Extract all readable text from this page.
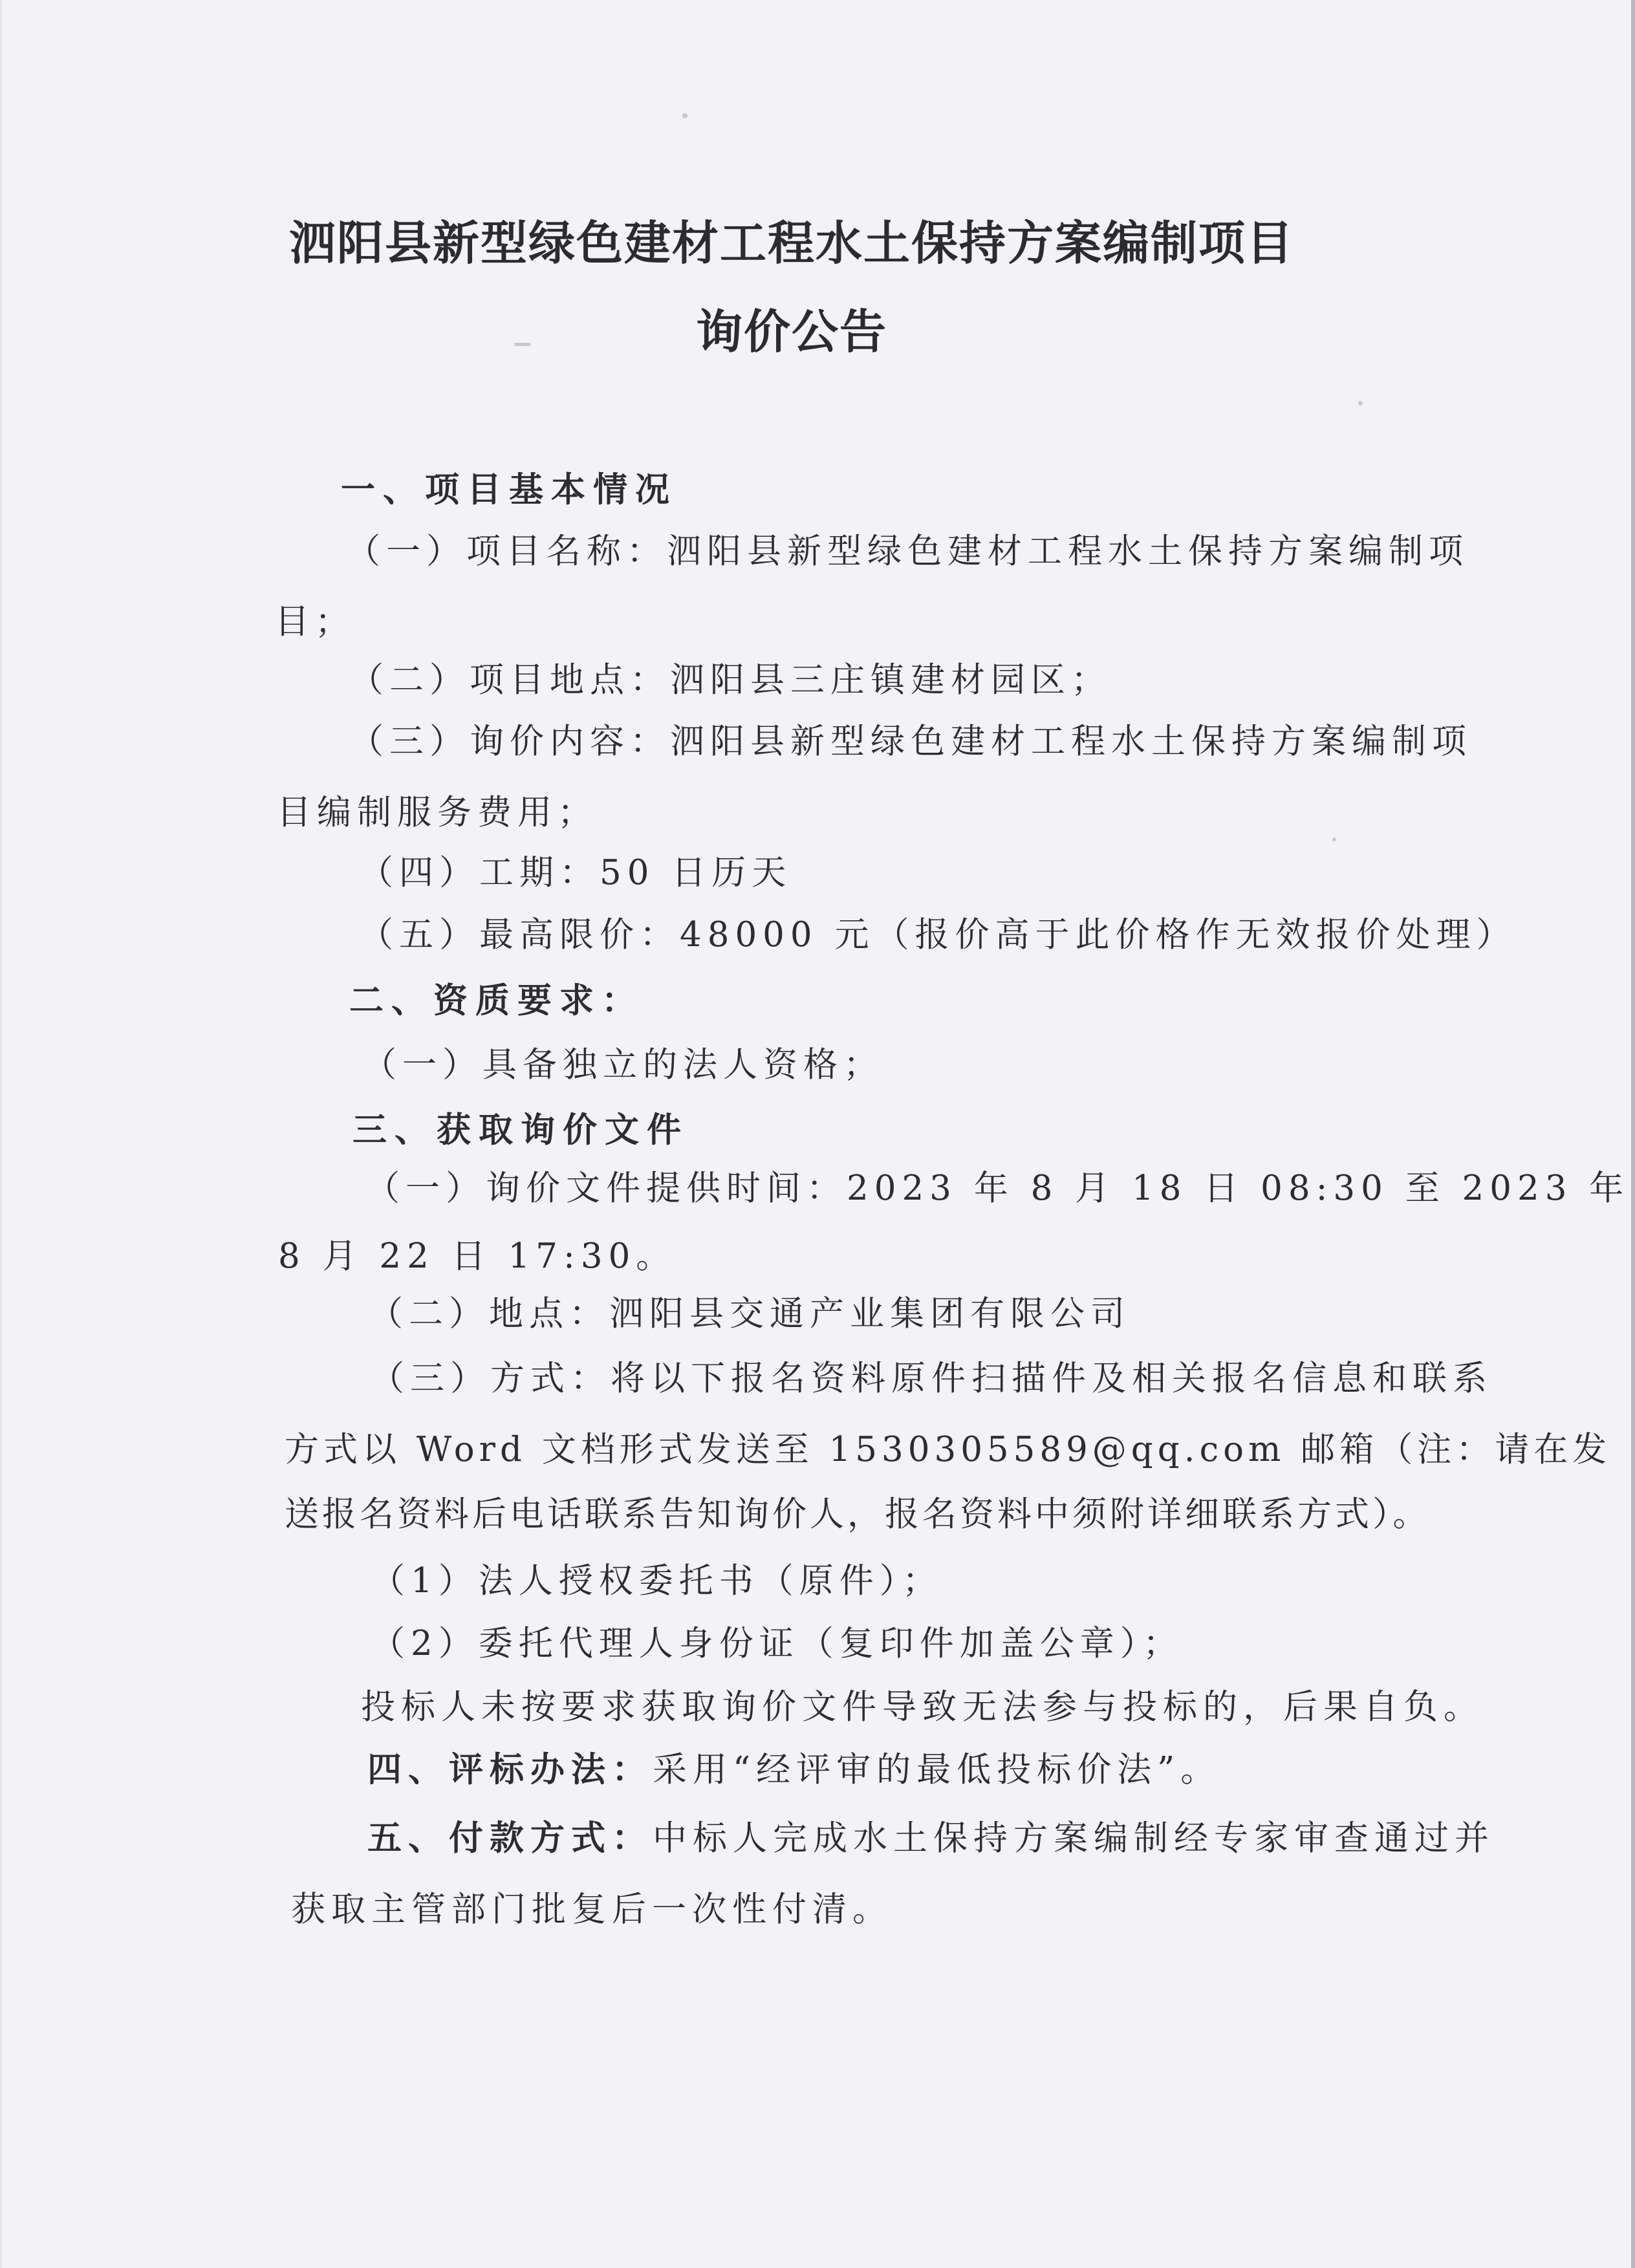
泗阳县新型绿色建材工程水土保持方案编制项目
询价公告
一、项目基本情况
（一）项目名称：泗阳县新型绿色建材工程水土保持方案编制项
目；
（二）项目地点：泗阳县三庄镇建材园区；
（三）询价内容：泗阳县新型绿色建材工程水土保持方案编制项
目编制服务费用；
（四）工期：50 日历天
（五）最高限价：48000 元（报价高于此价格作无效报价处理）
二、资质要求：
（一）具备独立的法人资格；
三、获取询价文件
（一）询价文件提供时间：2023 年 8 月 18 日 08:30 至 2023 年
8 月 22 日 17:30。
（二）地点：泗阳县交通产业集团有限公司
（三）方式：将以下报名资料原件扫描件及相关报名信息和联系
方式以 Word 文档形式发送至 1530305589@qq.com 邮箱（注：请在发
送报名资料后电话联系告知询价人，报名资料中须附详细联系方式）。
（1）法人授权委托书（原件）；
（2）委托代理人身份证（复印件加盖公章）；
投标人未按要求获取询价文件导致无法参与投标的，后果自负。
四、评标办法：采用“经评审的最低投标价法”。
五、付款方式：中标人完成水土保持方案编制经专家审查通过并
获取主管部门批复后一次性付清。
